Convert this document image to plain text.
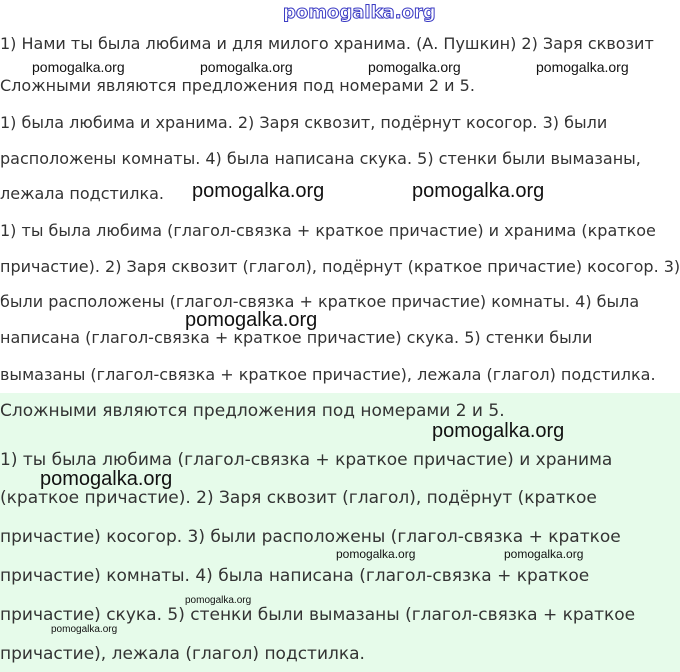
pomogalka.org
1) Нами ты была любима и для милого хранима. (А. Пушкин) 2) Заря сквозит
pomogalka.org	pomogalka.org	pomogalka.org	pomogalka.org
Сложными являются предложения под номерами 2 и 5.
1) была любима и хранима. 2) Заря сквозит, подёрнут косогор. 3) были
расположены комнаты. 4) была написана скука. 5) стенки были вымазаны,
лежала подстилка. pomogalka.org	pomogalka.org
1) ты была любима (глагол-связка + краткое причастие) и хранима (краткое
причастие). 2) Заря сквозит (глагол), подёрнут (краткое причастие) косогор. 3)
были расположены (глагол-связка + краткое причастие) комнаты. 4) была
pomogalka.org
написана (глагол-связка + краткое причастие) скука. 5) стенки были
вымазаны (глагол-связка + краткое причастие), лежала (глагол) подстилка.
Сложными являются предложения под номерами 2 и 5.
pomogalka.org
1) ты была любима (глагол-связка + краткое причастие) и хранима
pomogalka.org
(краткое причастие). 2) Заря сквозит (глагол), подёрнут (краткое
причастие) косогор. 3) были расположены (глагол-связка + краткое
pomogalka.org	pomogalka.org
причастие) комнаты. 4) была написана (глагол-связка + краткое
pomogalka.org
причастие) скука. 5) стенки были вымазаны (глагол-связка + краткое
pomogalka.org
причастие), лежала (глагол) подстилка.
